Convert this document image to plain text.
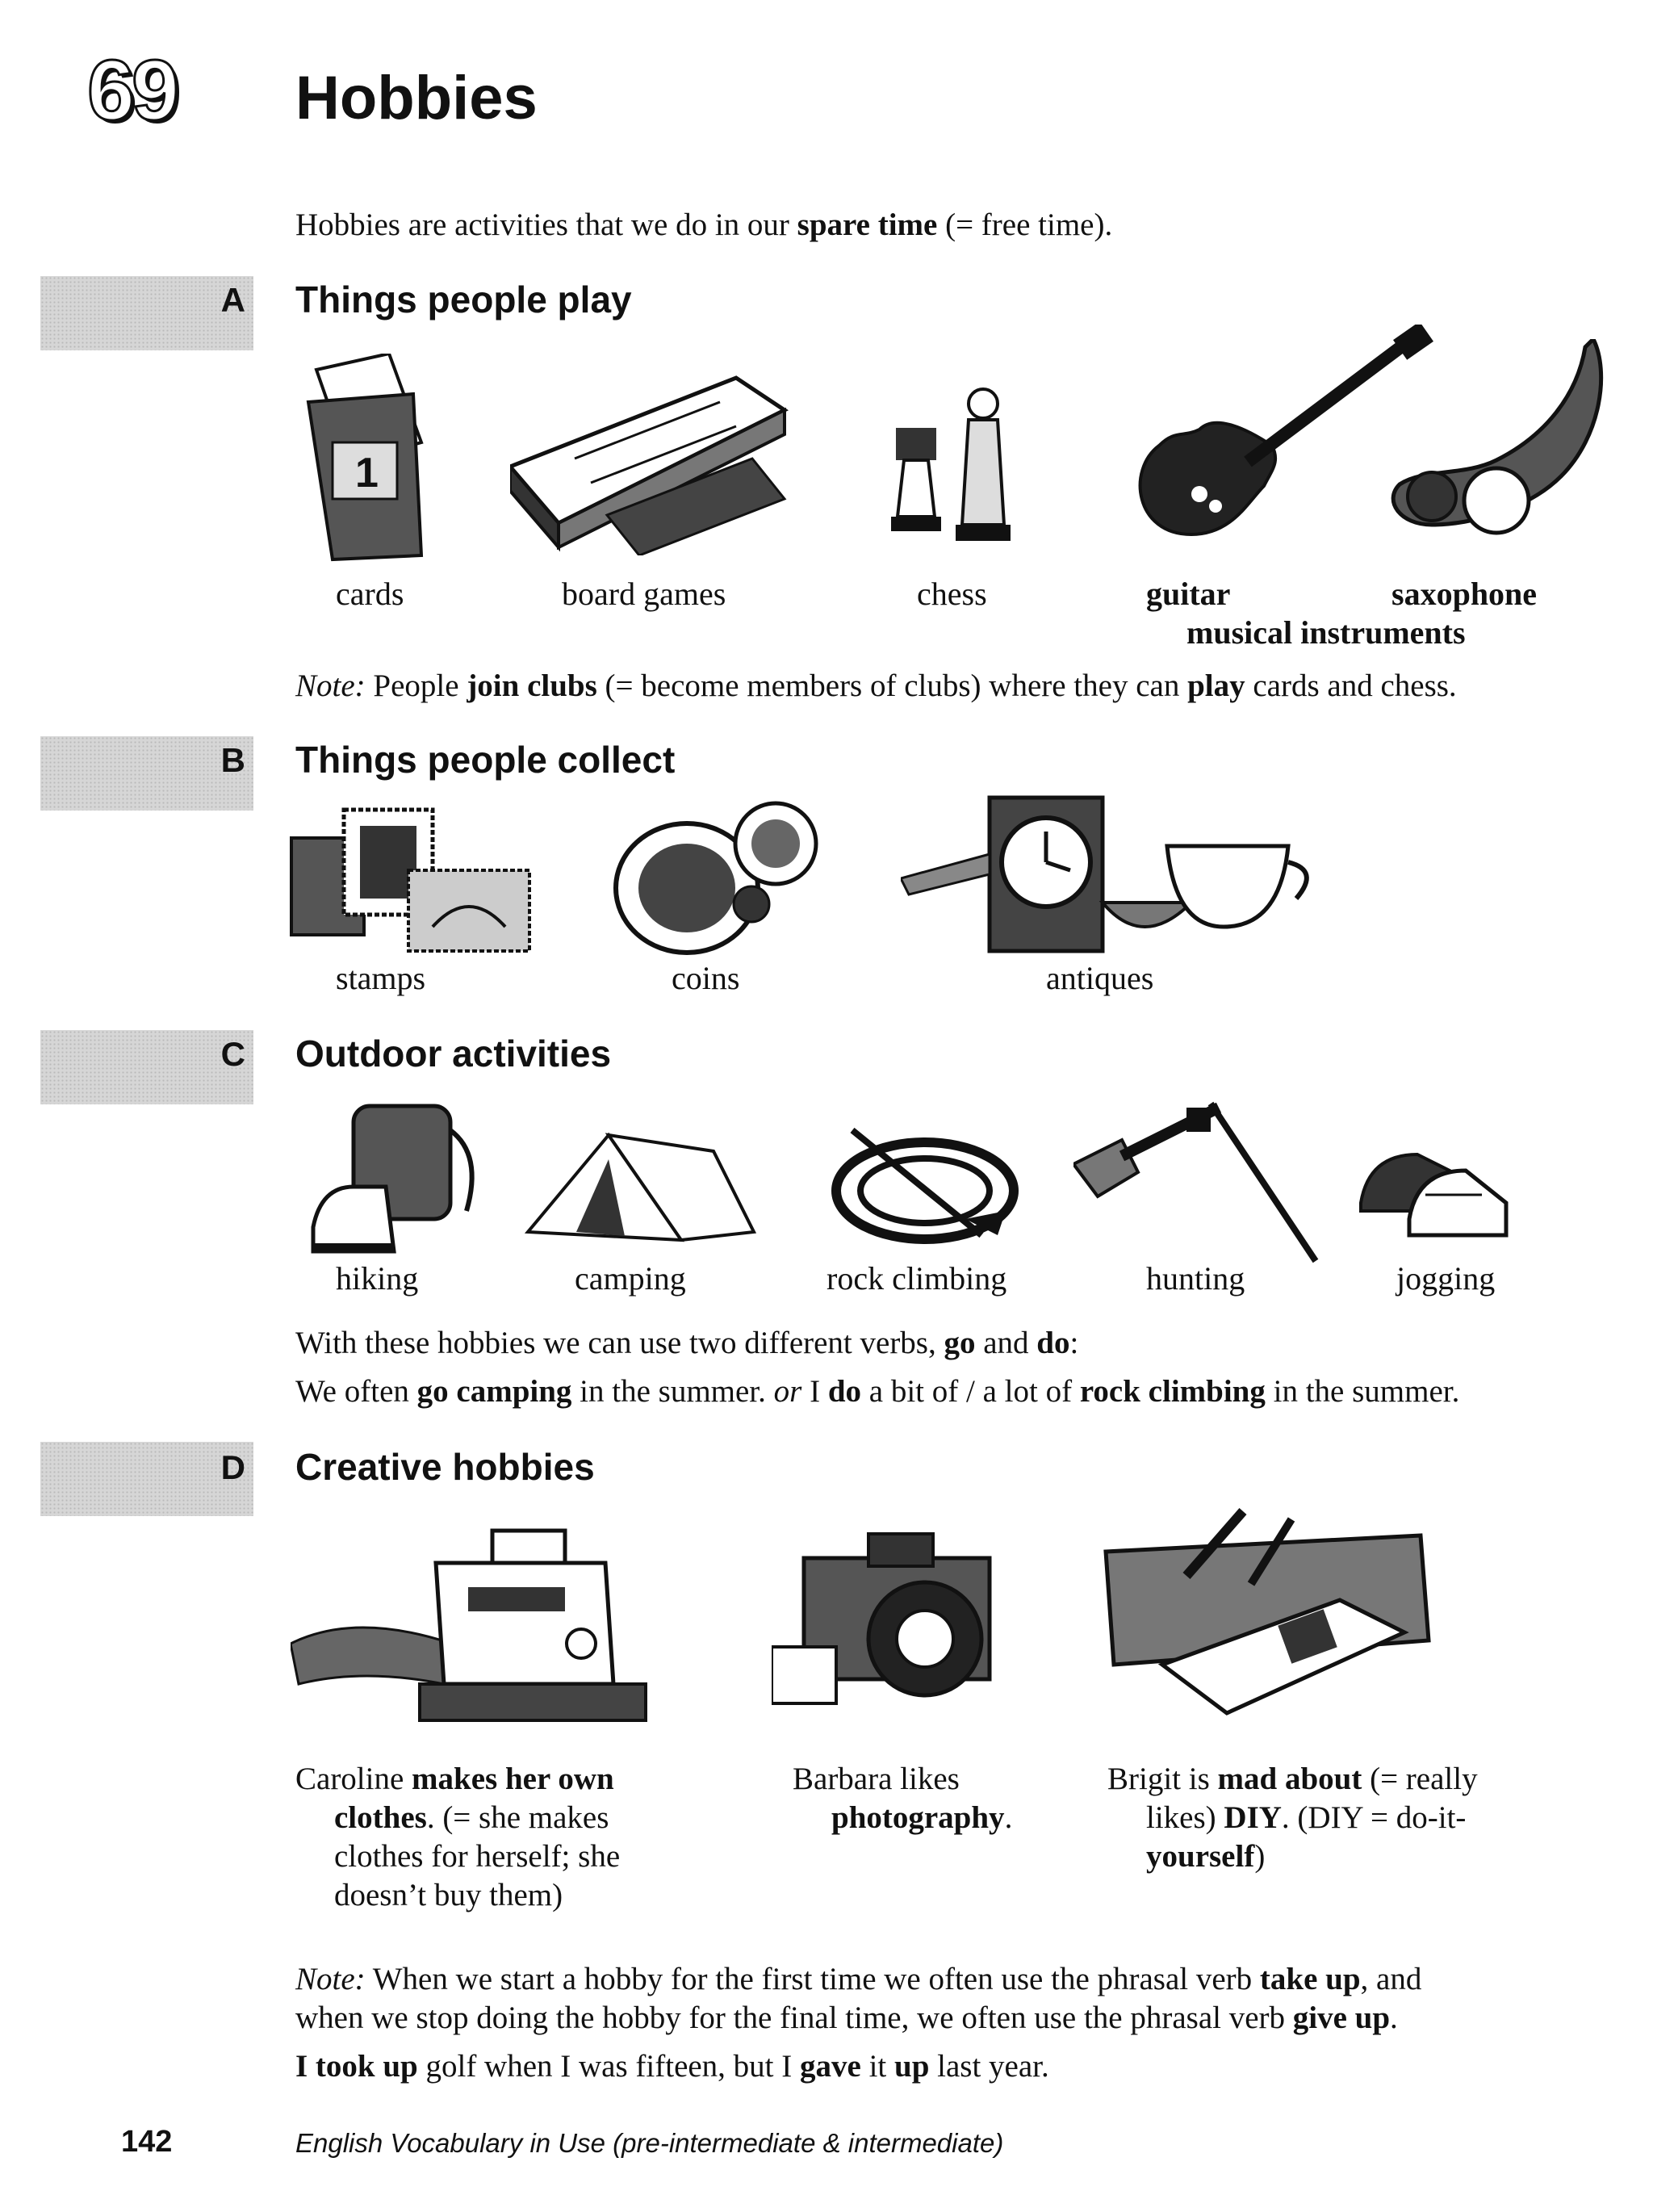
69 Hobbies
Hobbies are activities that we do in our spare time (= free time).
A Things people play
1
cards	board games	chess	guitar	saxophone
musical instruments
Note: People join clubs (= become members of clubs) where they can play cards and chess.
B Things people collect
stamps	coins	antiques
C Outdoor activities
hiking	camping	rock climbing	hunting	jogging
With these hobbies we can use two different verbs, go and do:
We often go camping in the summer. or I do a bit of / a lot of rock climbing in the summer.
D Creative hobbies
Caroline makes her own
clothes. (= she makes
clothes for herself; she
doesn’t buy them)
Barbara likes
photography.
Brigit is mad about (= really
likes) DIY. (DIY = do-it-
yourself)
Note: When we start a hobby for the first time we often use the phrasal verb take up, and
when we stop doing the hobby for the final time, we often use the phrasal verb give up.
I took up golf when I was fifteen, but I gave it up last year.
142	English Vocabulary in Use (pre-intermediate & intermediate)
